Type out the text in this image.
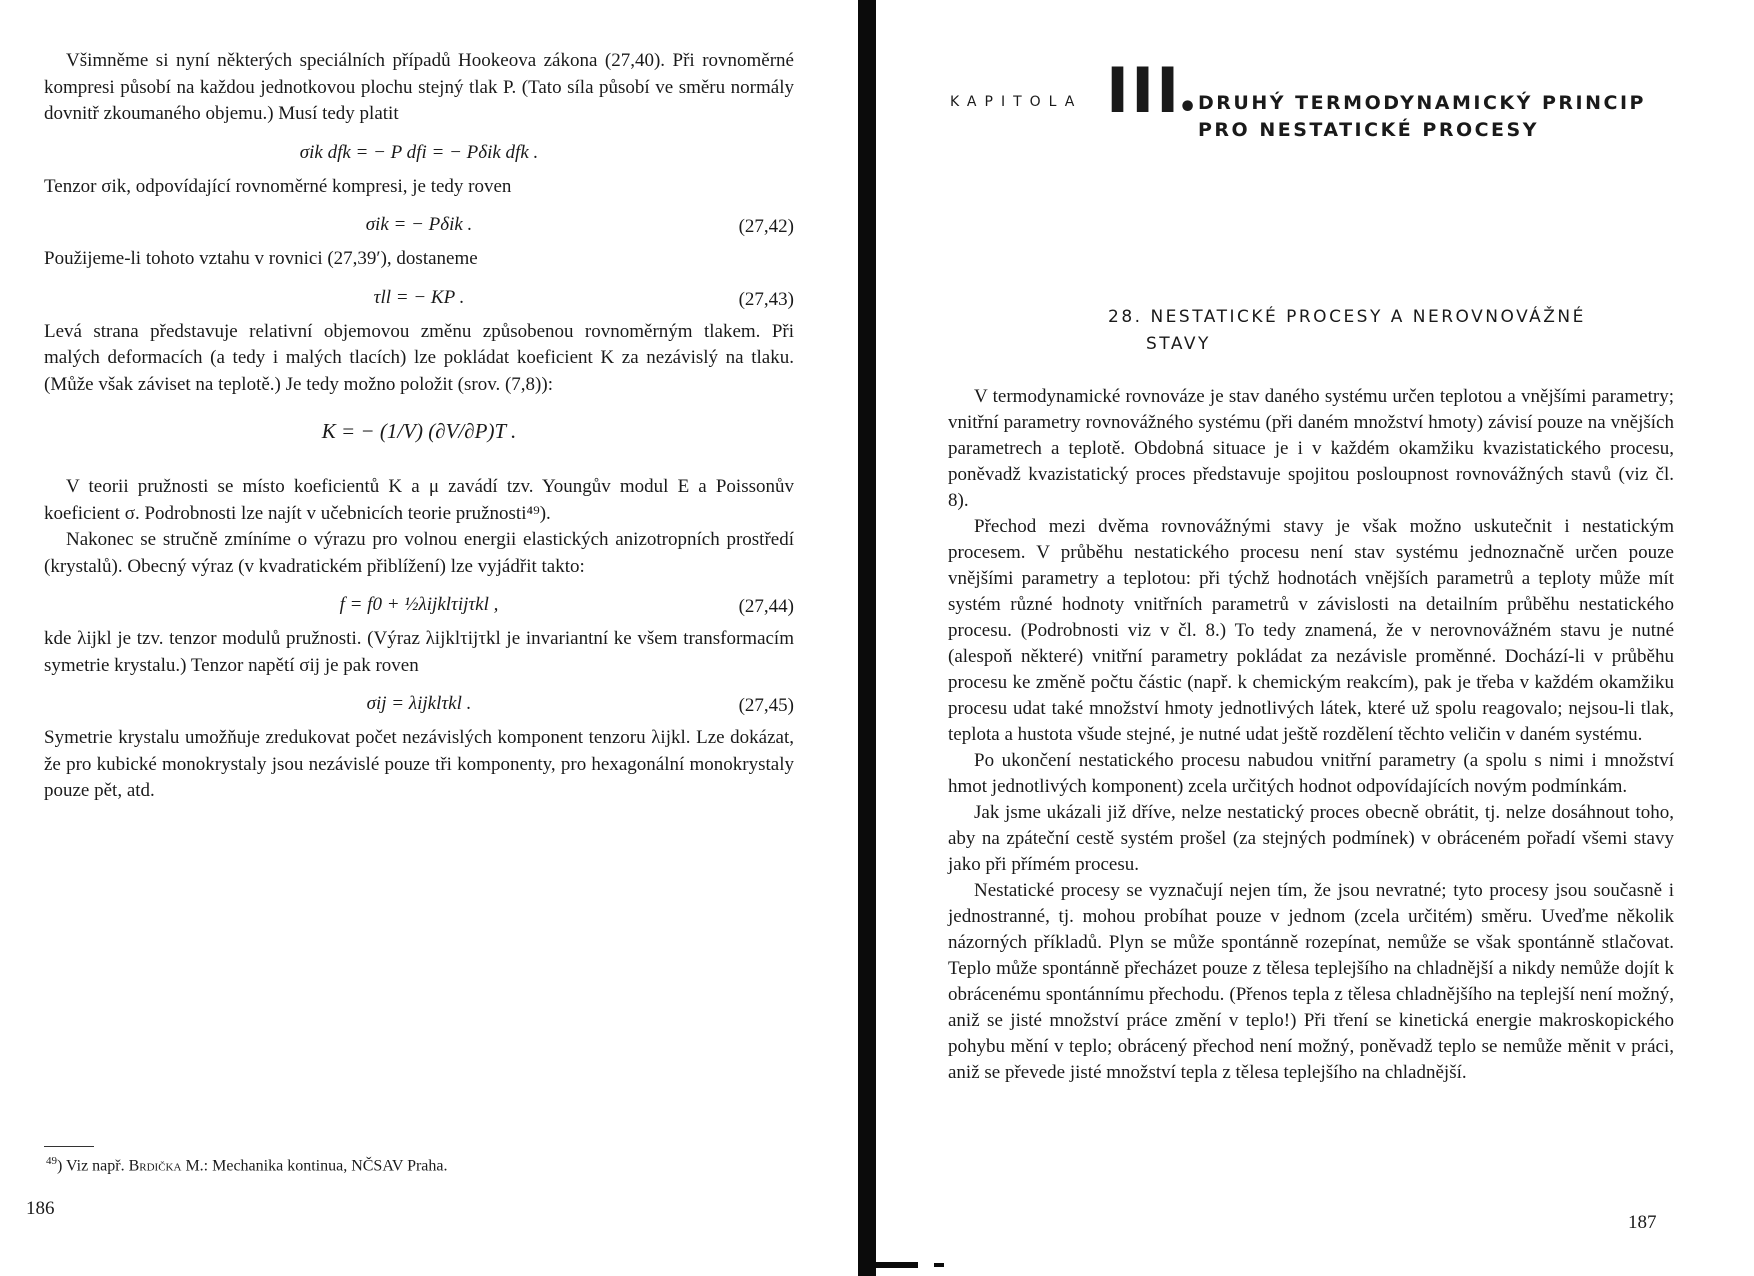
Všimněme si nyní některých speciálních případů Hookeova zákona (27,40). Při rovnoměrné kompresi působí na každou jednotkovou plochu stejný tlak P. (Tato síla působí ve směru normály dovnitř zkoumaného objemu.) Musí tedy platit

σik dfk = − P dfi = − Pδik dfk .

Tenzor σik, odpovídající rovnoměrné kompresi, je tedy roven

σik = − Pδik .	(27,42)

Použijeme-li tohoto vztahu v rovnici (27,39′), dostaneme

τll = − KP .	(27,43)

Levá strana představuje relativní objemovou změnu způsobenou rovnoměrným tlakem. Při malých deformacích (a tedy i malých tlacích) lze pokládat koeficient K za nezávislý na tlaku. (Může však záviset na teplotě.) Je tedy možno položit (srov. (7,8)):

K = − (1/V) (∂V/∂P)T .

V teorii pružnosti se místo koeficientů K a μ zavádí tzv. Youngův modul E a Poissonův koeficient σ. Podrobnosti lze najít v učebnicích teorie pružnosti⁴⁹).

Nakonec se stručně zmíníme o výrazu pro volnou energii elastických anizotropních prostředí (krystalů). Obecný výraz (v kvadratickém přiblížení) lze vyjádřit takto:

f = f0 + ½λijklτijτkl ,	(27,44)

kde λijkl je tzv. tenzor modulů pružnosti. (Výraz λijklτijτkl je invariantní ke všem transformacím symetrie krystalu.) Tenzor napětí σij je pak roven

σij = λijklτkl .	(27,45)

Symetrie krystalu umožňuje zredukovat počet nezávislých komponent tenzoru λijkl. Lze dokázat, že pro kubické monokrystaly jsou nezávislé pouze tři komponenty, pro hexagonální monokrystaly pouze pět, atd.

$^{49}$) Viz např. Brdička M.: Mechanika kontinua, NČSAV Praha.
186
KAPITOLA III
• DRUHÝ TERMODYNAMICKÝ PRINCIP
PRO NESTATICKÉ PROCESY
28. NESTATICKÉ PROCESY A NEROVNOVÁŽNÉ
STAVY

V termodynamické rovnováze je stav daného systému určen teplotou a vnějšími parametry; vnitřní parametry rovnovážného systému (při daném množství hmoty) závisí pouze na vnějších parametrech a teplotě. Obdobná situace je i v každém okamžiku kvazistatického procesu, poněvadž kvazistatický proces představuje spojitou posloupnost rovnovážných stavů (viz čl. 8).

Přechod mezi dvěma rovnovážnými stavy je však možno uskutečnit i nestatickým procesem. V průběhu nestatického procesu není stav systému jednoznačně určen pouze vnějšími parametry a teplotou: při týchž hodnotách vnějších parametrů a teploty může mít systém různé hodnoty vnitřních parametrů v závislosti na detailním průběhu nestatického procesu. (Podrobnosti viz v čl. 8.) To tedy znamená, že v nerovnovážném stavu je nutné (alespoň některé) vnitřní parametry pokládat za nezávisle proměnné. Dochází-li v průběhu procesu ke změně počtu částic (např. k chemickým reakcím), pak je třeba v každém okamžiku procesu udat také množství hmoty jednotlivých látek, které už spolu reagovalo; nejsou-li tlak, teplota a hustota všude stejné, je nutné udat ještě rozdělení těchto veličin v daném systému.

Po ukončení nestatického procesu nabudou vnitřní parametry (a spolu s nimi i množství hmot jednotlivých komponent) zcela určitých hodnot odpovídajících novým podmínkám.

Jak jsme ukázali již dříve, nelze nestatický proces obecně obrátit, tj. nelze dosáhnout toho, aby na zpáteční cestě systém prošel (za stejných podmínek) v obráceném pořadí všemi stavy jako při přímém procesu.

Nestatické procesy se vyznačují nejen tím, že jsou nevratné; tyto procesy jsou současně i jednostranné, tj. mohou probíhat pouze v jednom (zcela určitém) směru. Uveďme několik názorných příkladů. Plyn se může spontánně rozepínat, nemůže se však spontánně stlačovat. Teplo může spontánně přecházet pouze z tělesa teplejšího na chladnější a nikdy nemůže dojít k obrácenému spontánnímu přechodu. (Přenos tepla z tělesa chladnějšího na teplejší není možný, aniž se jisté množství práce změní v teplo!) Při tření se kinetická energie makroskopického pohybu mění v teplo; obrácený přechod není možný, poněvadž teplo se nemůže měnit v práci, aniž se převede jisté množství tepla z tělesa teplejšího na chladnější.

187
